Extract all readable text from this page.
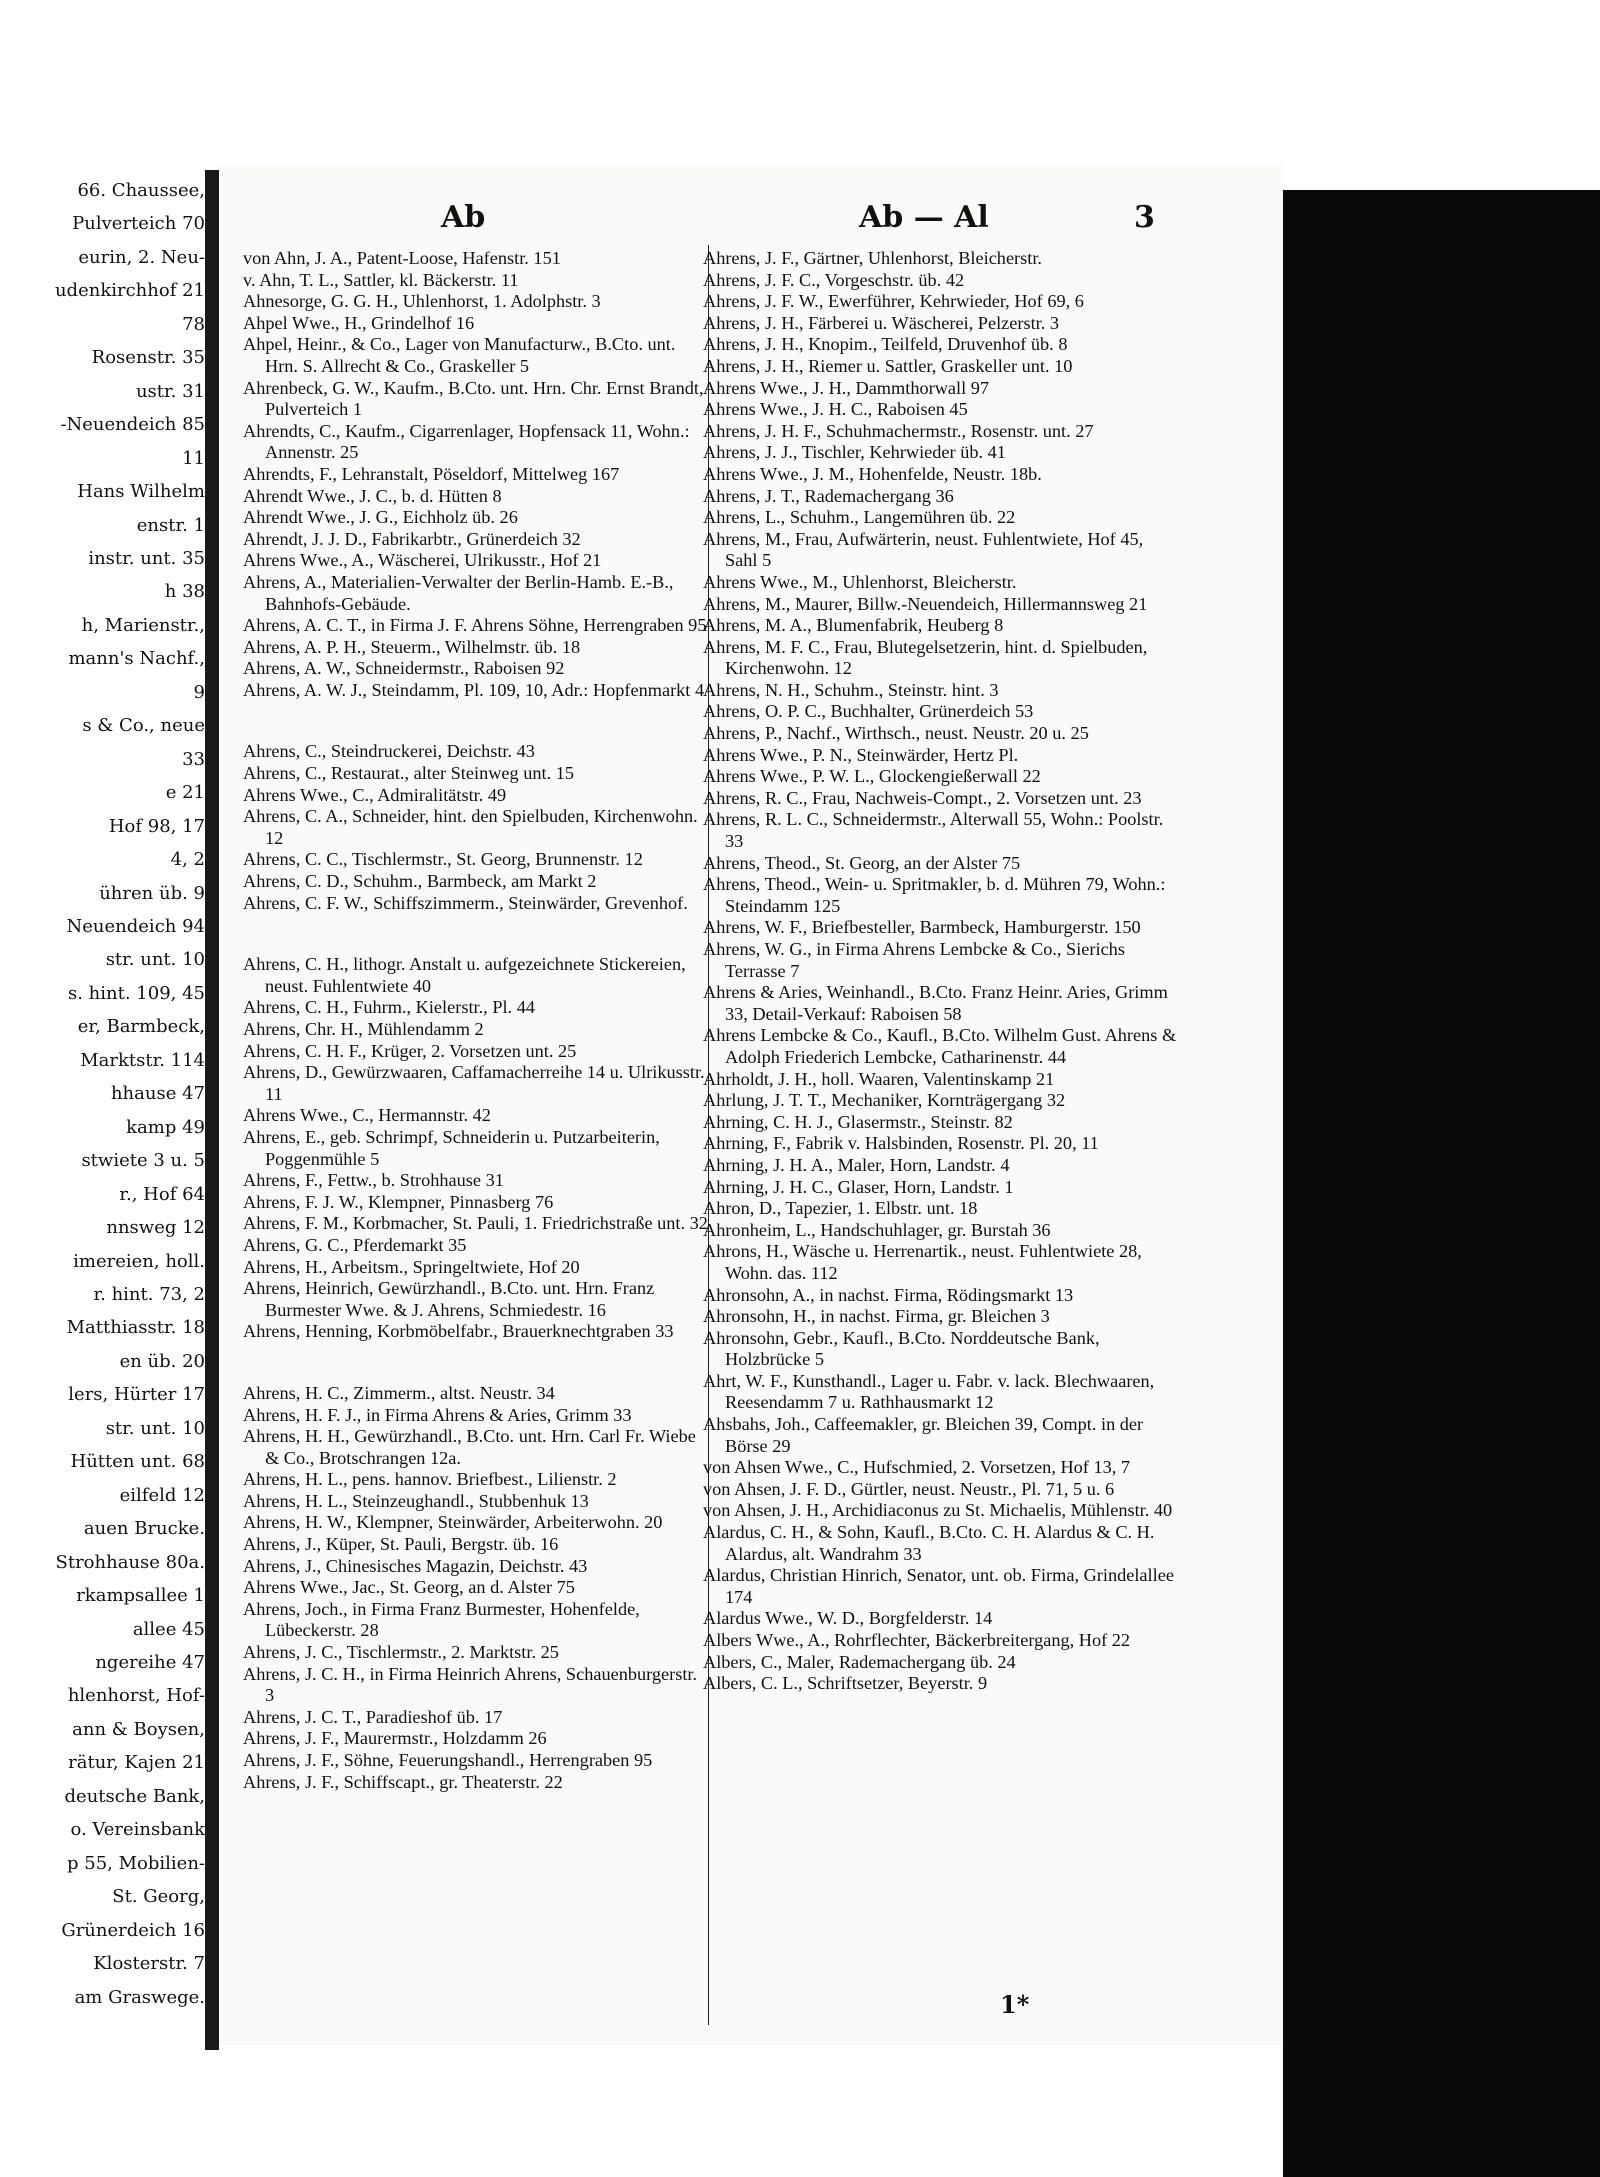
66. Chaussee,
Pulverteich 70
eurin, 2. Neu-
udenkirchhof 21
78
Rosenstr. 35
ustr. 31
-Neuendeich 85
11
Hans Wilhelm
enstr. 1
instr. unt. 35
h 38
h, Marienstr.,
mann's Nachf.,
9
s & Co., neue
33
e 21
Hof 98, 17
4, 2
ühren üb. 9
Neuendeich 94
str. unt. 10
s. hint. 109, 45
er, Barmbeck,
Marktstr. 114
hhause 47
kamp 49
stwiete 3 u. 5
r., Hof 64
nnsweg 12
imereien, holl.
r. hint. 73, 2
Matthiasstr. 18
en üb. 20
lers, Hürter 17
str. unt. 10
Hütten unt. 68
eilfeld 12
auen Brucke.
Strohhause 80a.
rkampsallee 1
allee 45
ngereihe 47
hlenhorst, Hof-
ann & Boysen,
rätur, Kajen 21
deutsche Bank,
o. Vereinsbank
p 55, Mobilien-
St. Georg,
Grünerdeich 16
Klosterstr. 7
am Graswege.
Ab	Ab — Al	3

von Ahn, J. A., Patent-Loose, Hafenstr. 151

v. Ahn, T. L., Sattler, kl. Bäckerstr. 11

Ahnesorge, G. G. H., Uhlenhorst, 1. Adolphstr. 3

Ahpel Wwe., H., Grindelhof 16

Ahpel, Heinr., & Co., Lager von Manufacturw., B.Cto. unt. Hrn. S. Allrecht & Co., Graskeller 5

Ahrenbeck, G. W., Kaufm., B.Cto. unt. Hrn. Chr. Ernst Brandt, Pulverteich 1

Ahrendts, C., Kaufm., Cigarrenlager, Hopfensack 11, Wohn.: Annenstr. 25

Ahrendts, F., Lehranstalt, Pöseldorf, Mittelweg 167

Ahrendt Wwe., J. C., b. d. Hütten 8

Ahrendt Wwe., J. G., Eichholz üb. 26

Ahrendt, J. J. D., Fabrikarbtr., Grünerdeich 32

Ahrens Wwe., A., Wäscherei, Ulrikusstr., Hof 21

Ahrens, A., Materialien-Verwalter der Berlin-Hamb. E.-B., Bahnhofs-Gebäude.

Ahrens, A. C. T., in Firma J. F. Ahrens Söhne, Herrengraben 95

Ahrens, A. P. H., Steuerm., Wilhelmstr. üb. 18

Ahrens, A. W., Schneidermstr., Raboisen 92

Ahrens, A. W. J., Steindamm, Pl. 109, 10, Adr.: Hopfenmarkt 4

Ahrens, C., Steindruckerei, Deichstr. 43

Ahrens, C., Restaurat., alter Steinweg unt. 15

Ahrens Wwe., C., Admiralitätstr. 49

Ahrens, C. A., Schneider, hint. den Spielbuden, Kirchenwohn. 12

Ahrens, C. C., Tischlermstr., St. Georg, Brunnenstr. 12

Ahrens, C. D., Schuhm., Barmbeck, am Markt 2

Ahrens, C. F. W., Schiffszimmerm., Steinwärder, Grevenhof.

Ahrens, C. H., lithogr. Anstalt u. aufgezeichnete Stickereien, neust. Fuhlentwiete 40

Ahrens, C. H., Fuhrm., Kielerstr., Pl. 44

Ahrens, Chr. H., Mühlendamm 2

Ahrens, C. H. F., Krüger, 2. Vorsetzen unt. 25

Ahrens, D., Gewürzwaaren, Caffamacherreihe 14 u. Ulrikusstr. 11

Ahrens Wwe., C., Hermannstr. 42

Ahrens, E., geb. Schrimpf, Schneiderin u. Putzarbeiterin, Poggenmühle 5

Ahrens, F., Fettw., b. Strohhause 31

Ahrens, F. J. W., Klempner, Pinnasberg 76

Ahrens, F. M., Korbmacher, St. Pauli, 1. Friedrichstraße unt. 32

Ahrens, G. C., Pferdemarkt 35

Ahrens, H., Arbeitsm., Springeltwiete, Hof 20

Ahrens, Heinrich, Gewürzhandl., B.Cto. unt. Hrn. Franz Burmester Wwe. & J. Ahrens, Schmiedestr. 16

Ahrens, Henning, Korbmöbelfabr., Brauerknechtgraben 33

Ahrens, H. C., Zimmerm., altst. Neustr. 34

Ahrens, H. F. J., in Firma Ahrens & Aries, Grimm 33

Ahrens, H. H., Gewürzhandl., B.Cto. unt. Hrn. Carl Fr. Wiebe & Co., Brotschrangen 12a.

Ahrens, H. L., pens. hannov. Briefbest., Lilienstr. 2

Ahrens, H. L., Steinzeughandl., Stubbenhuk 13

Ahrens, H. W., Klempner, Steinwärder, Arbeiterwohn. 20

Ahrens, J., Küper, St. Pauli, Bergstr. üb. 16

Ahrens, J., Chinesisches Magazin, Deichstr. 43

Ahrens Wwe., Jac., St. Georg, an d. Alster 75

Ahrens, Joch., in Firma Franz Burmester, Hohenfelde, Lübeckerstr. 28

Ahrens, J. C., Tischlermstr., 2. Marktstr. 25

Ahrens, J. C. H., in Firma Heinrich Ahrens, Schauenburgerstr. 3

Ahrens, J. C. T., Paradieshof üb. 17

Ahrens, J. F., Maurermstr., Holzdamm 26

Ahrens, J. F., Söhne, Feuerungshandl., Herrengraben 95

Ahrens, J. F., Schiffscapt., gr. Theaterstr. 22

Ahrens, J. F., Gärtner, Uhlenhorst, Bleicherstr.

Ahrens, J. F. C., Vorgeschstr. üb. 42

Ahrens, J. F. W., Ewerführer, Kehrwieder, Hof 69, 6

Ahrens, J. H., Färberei u. Wäscherei, Pelzerstr. 3

Ahrens, J. H., Knopim., Teilfeld, Druvenhof üb. 8

Ahrens, J. H., Riemer u. Sattler, Graskeller unt. 10

Ahrens Wwe., J. H., Dammthorwall 97

Ahrens Wwe., J. H. C., Raboisen 45

Ahrens, J. H. F., Schuhmachermstr., Rosenstr. unt. 27

Ahrens, J. J., Tischler, Kehrwieder üb. 41

Ahrens Wwe., J. M., Hohenfelde, Neustr. 18b.

Ahrens, J. T., Rademachergang 36

Ahrens, L., Schuhm., Langemühren üb. 22

Ahrens, M., Frau, Aufwärterin, neust. Fuhlentwiete, Hof 45, Sahl 5

Ahrens Wwe., M., Uhlenhorst, Bleicherstr.

Ahrens, M., Maurer, Billw.-Neuendeich, Hillermannsweg 21

Ahrens, M. A., Blumenfabrik, Heuberg 8

Ahrens, M. F. C., Frau, Blutegelsetzerin, hint. d. Spielbuden, Kirchenwohn. 12

Ahrens, N. H., Schuhm., Steinstr. hint. 3

Ahrens, O. P. C., Buchhalter, Grünerdeich 53

Ahrens, P., Nachf., Wirthsch., neust. Neustr. 20 u. 25

Ahrens Wwe., P. N., Steinwärder, Hertz Pl.

Ahrens Wwe., P. W. L., Glockengießerwall 22

Ahrens, R. C., Frau, Nachweis-Compt., 2. Vorsetzen unt. 23

Ahrens, R. L. C., Schneidermstr., Alterwall 55, Wohn.: Poolstr. 33

Ahrens, Theod., St. Georg, an der Alster 75

Ahrens, Theod., Wein- u. Spritmakler, b. d. Mühren 79, Wohn.: Steindamm 125

Ahrens, W. F., Briefbesteller, Barmbeck, Hamburgerstr. 150

Ahrens, W. G., in Firma Ahrens Lembcke & Co., Sierichs Terrasse 7

Ahrens & Aries, Weinhandl., B.Cto. Franz Heinr. Aries, Grimm 33, Detail-Verkauf: Raboisen 58

Ahrens Lembcke & Co., Kaufl., B.Cto. Wilhelm Gust. Ahrens & Adolph Friederich Lembcke, Catharinenstr. 44

Ahrholdt, J. H., holl. Waaren, Valentinskamp 21

Ahrlung, J. T. T., Mechaniker, Kornträgergang 32

Ahrning, C. H. J., Glasermstr., Steinstr. 82

Ahrning, F., Fabrik v. Halsbinden, Rosenstr. Pl. 20, 11

Ahrning, J. H. A., Maler, Horn, Landstr. 4

Ahrning, J. H. C., Glaser, Horn, Landstr. 1

Ahron, D., Tapezier, 1. Elbstr. unt. 18

Ahronheim, L., Handschuhlager, gr. Burstah 36

Ahrons, H., Wäsche u. Herrenartik., neust. Fuhlentwiete 28, Wohn. das. 112

Ahronsohn, A., in nachst. Firma, Rödingsmarkt 13

Ahronsohn, H., in nachst. Firma, gr. Bleichen 3

Ahronsohn, Gebr., Kaufl., B.Cto. Norddeutsche Bank, Holzbrücke 5

Ahrt, W. F., Kunsthandl., Lager u. Fabr. v. lack. Blechwaaren, Reesendamm 7 u. Rathhausmarkt 12

Ahsbahs, Joh., Caffeemakler, gr. Bleichen 39, Compt. in der Börse 29

von Ahsen Wwe., C., Hufschmied, 2. Vorsetzen, Hof 13, 7

von Ahsen, J. F. D., Gürtler, neust. Neustr., Pl. 71, 5 u. 6

von Ahsen, J. H., Archidiaconus zu St. Michaelis, Mühlenstr. 40

Alardus, C. H., & Sohn, Kaufl., B.Cto. C. H. Alardus & C. H. Alardus, alt. Wandrahm 33

Alardus, Christian Hinrich, Senator, unt. ob. Firma, Grindelallee 174

Alardus Wwe., W. D., Borgfelderstr. 14

Albers Wwe., A., Rohrflechter, Bäckerbreitergang, Hof 22

Albers, C., Maler, Rademachergang üb. 24

Albers, C. L., Schriftsetzer, Beyerstr. 9

1*
